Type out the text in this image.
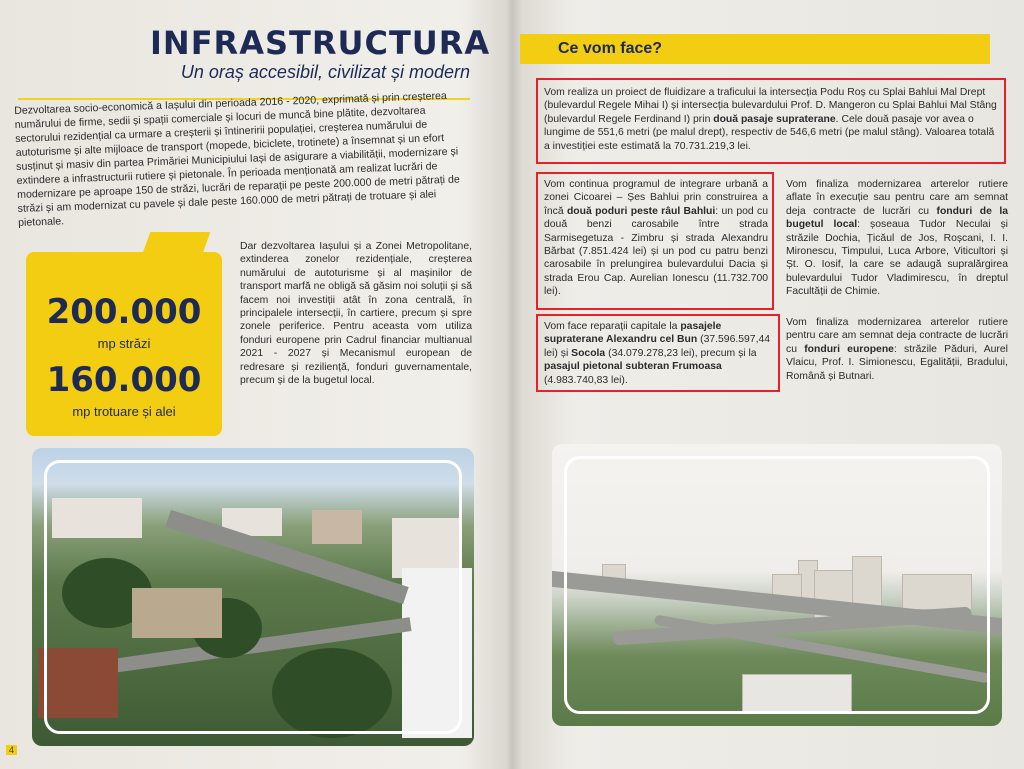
INFRASTRUCTURA
Un oraș accesibil, civilizat și modern
Dezvoltarea socio-economică a Iașului din perioada 2016 - 2020, exprimată și prin creșterea numărului de firme, sedii și spații comerciale și locuri de muncă bine plătite, dezvoltarea sectorului rezidențial ca urmare a creșterii și întineririi populației, creșterea numărului de autoturisme și alte mijloace de transport (mopede, biciclete, trotinete) a însemnat și un efort susținut și masiv din partea Primăriei Municipiului Iași de asigurare a viabilității, modernizare și extindere a infrastructurii rutiere și pietonale. În perioada menționată am realizat lucrări de modernizare pe aproape 150 de străzi, lucrări de reparații pe peste 200.000 de metri pătrați de străzi și am modernizat cu pavele și dale peste 160.000 de metri pătrați de trotuare și alei pietonale.
200.000
mp străzi
160.000
mp trotuare și alei
Dar dezvoltarea Iașului și a Zonei Metropolitane, extinderea zonelor rezidențiale, creșterea numărului de autoturisme și al mașinilor de transport marfă ne obligă să găsim noi soluții și să facem noi investiții atât în zona centrală, în principalele intersecții, în cartiere, precum și spre zonele periferice. Pentru aceasta vom utiliza fonduri europene prin Cadrul financiar multianual 2021 - 2027 și Mecanismul european de redresare și reziliență, fonduri guvernamentale, precum și de la bugetul local.
4
Ce vom face?
Vom realiza un proiect de fluidizare a traficului la intersecția Podu Roș cu Splai Bahlui Mal Drept (bulevardul Regele Mihai I) și intersecția bulevardului Prof. D. Mangeron cu Splai Bahlui Mal Stâng (bulevardul Regele Ferdinand I) prin două pasaje supraterane. Cele două pasaje vor avea o lungime de 551,6 metri (pe malul drept), respectiv de 546,6 metri (pe malul stâng). Valoarea totală a investiției este estimată la 70.731.219,3 lei.
Vom continua programul de integrare urbană a zonei Cicoarei – Șes Bahlui prin construirea a încă două poduri peste râul Bahlui: un pod cu două benzi carosabile între strada Sarmisegetuza - Zimbru și strada Alexandru Bărbat (7.851.424 lei) și un pod cu patru benzi carosabile în prelungirea bulevardului Dacia și strada Erou Cap. Aurelian Ionescu (11.732.700 lei).
Vom face reparații capitale la pasajele supraterane Alexandru cel Bun (37.596.597,44 lei) și Socola (34.079.278,23 lei), precum și la pasajul pietonal subteran Frumoasa (4.983.740,83 lei).
Vom finaliza modernizarea arterelor rutiere aflate în execuție sau pentru care am semnat deja contracte de lucrări cu fonduri de la bugetul local: șoseaua Tudor Neculai și străzile Dochia, Țicăul de Jos, Roșcani, I. I. Mironescu, Timpului, Luca Arbore, Viticultori și Șt. O. Iosif, la care se adaugă supralărgirea bulevardului Tudor Vladimirescu, în dreptul Facultății de Chimie.
Vom finaliza modernizarea arterelor rutiere pentru care am semnat deja contracte de lucrări cu fonduri europene: străzile Păduri, Aurel Vlaicu, Prof. I. Simionescu, Egalității, Bradului, Română și Butnari.
